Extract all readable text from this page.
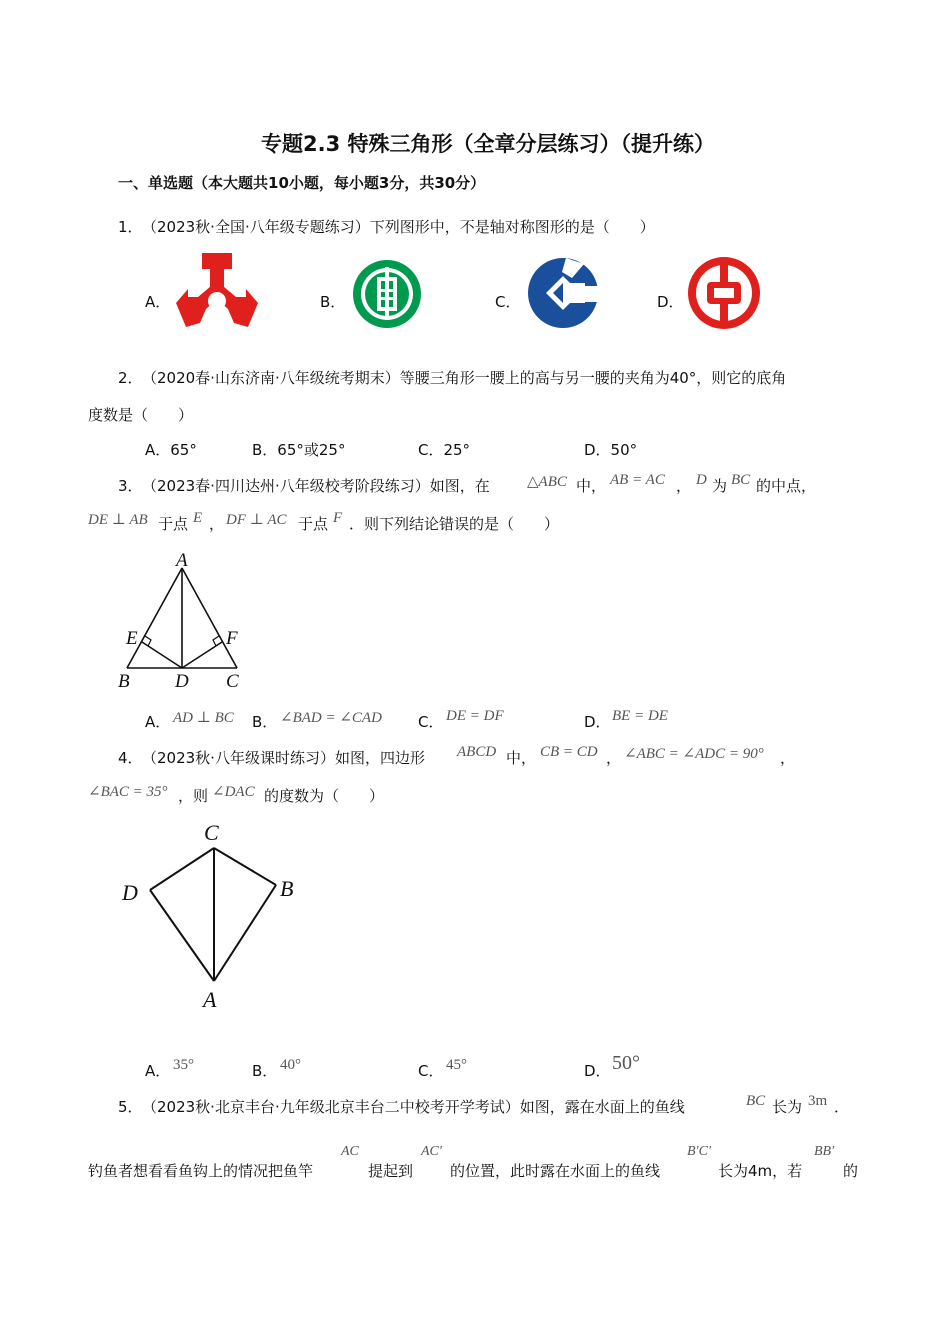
专题2.3 特殊三角形（全章分层练习）（提升练）
一、单选题（本大题共10小题，每小题3分，共30分）
1． （2023秋·全国·八年级专题练习）下列图形中，不是轴对称图形的是（　　）
A．	B．	C．	D．
2． （2020春·山东济南·八年级统考期末）等腰三角形一腰上的高与另一腰的夹角为40°，则它的底角
度数是（　　）
A．65°	B．65°或25°	C．25°	D．50°
3． （2023春·四川达州·八年级校考阶段练习）如图，在 △ABC 中， AB = AC ， D 为 BC 的中点，
DE ⊥ AB 于点 E ， DF ⊥ AC 于点 F ．则下列结论错误的是（　　）
A
E	F
B D C
A． AD ⊥ BC B． ∠BAD = ∠CAD C． DE = DF	D． BE = DE
4． （2023秋·八年级课时练习）如图，四边形 ABCD 中， CB = CD ， ∠ABC = ∠ADC = 90° ，
∠BAC = 35° ，则 ∠DAC 的度数为（　　）
C
D	B
A
A． 35°	B． 40°	C． 45°	D． 50°
5． （2023秋·北京丰台·九年级北京丰台二中校考开学考试）如图，露在水面上的鱼线	BC 长为 3m ．
钓鱼者想看看鱼钩上的情况把鱼竿
AC
提起到
AC′
的位置，此时露在水面上的鱼线
B′C′
长为4m，若
BB′
的
